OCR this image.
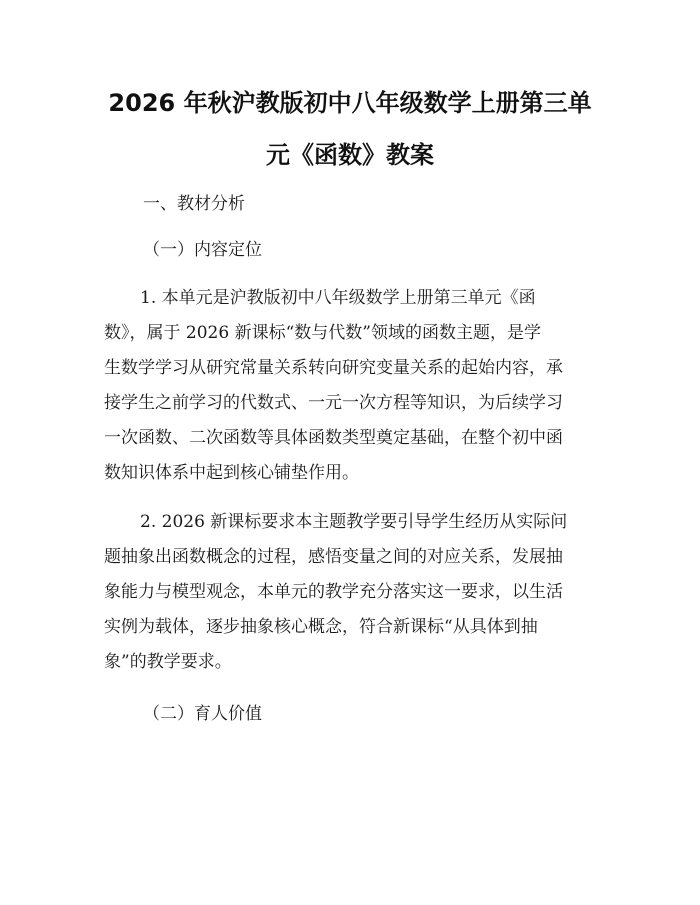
2026 年秋沪教版初中八年级数学上册第三单
元《函数》教案
一、教材分析
（一）内容定位
1. 本单元是沪教版初中八年级数学上册第三单元《函
数》，属于 2026 新课标“数与代数”领域的函数主题，是学
生数学学习从研究常量关系转向研究变量关系的起始内容，承
接学生之前学习的代数式、一元一次方程等知识，为后续学习
一次函数、二次函数等具体函数类型奠定基础，在整个初中函
数知识体系中起到核心铺垫作用。
2. 2026 新课标要求本主题教学要引导学生经历从实际问
题抽象出函数概念的过程，感悟变量之间的对应关系，发展抽
象能力与模型观念，本单元的教学充分落实这一要求，以生活
实例为载体，逐步抽象核心概念，符合新课标“从具体到抽
象”的教学要求。
（二）育人价值
